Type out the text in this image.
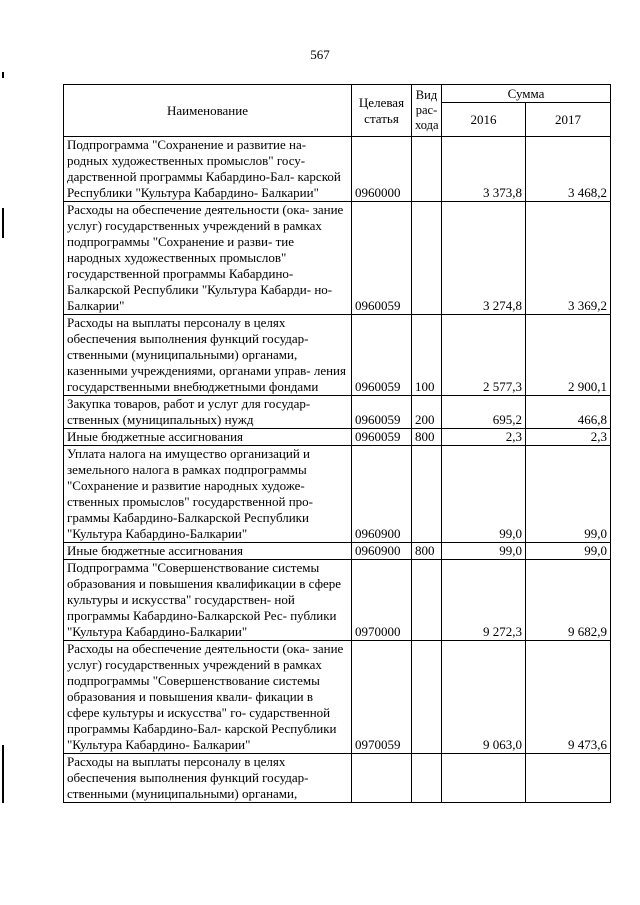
567
Наименование	Целевая статья	Вид рас- хода	Сумма	
			2016	2017
Подпрограмма "Сохранение и развитие на- родных художественных промыслов" госу- дарственной программы Кабардино-Бал- карской Республики "Культура Кабардино- Балкарии"	0960000		3 373,8	3 468,2
Расходы на обеспечение деятельности (ока- зание услуг) государственных учреждений в рамках подпрограммы "Сохранение и разви- тие народных художественных промыслов" государственной программы Кабардино- Балкарской Республики "Культура Кабарди- но-Балкарии"	0960059		3 274,8	3 369,2
Расходы на выплаты персоналу в целях обеспечения выполнения функций государ- ственными (муниципальными) органами, казенными учреждениями, органами управ- ления государственными внебюджетными фондами	0960059	100	2 577,3	2 900,1
Закупка товаров, работ и услуг для государ- ственных (муниципальных) нужд	0960059	200	695,2	466,8
Иные бюджетные ассигнования	0960059	800	2,3	2,3
Уплата налога на имущество организаций и земельного налога в рамках подпрограммы "Сохранение и развитие народных художе- ственных промыслов" государственной про- граммы Кабардино-Балкарской Республики "Культура Кабардино-Балкарии"	0960900		99,0	99,0
Иные бюджетные ассигнования	0960900	800	99,0	99,0
Подпрограмма "Совершенствование системы образования и повышения квалификации в сфере культуры и искусства" государствен- ной программы Кабардино-Балкарской Рес- публики "Культура Кабардино-Балкарии"	0970000		9 272,3	9 682,9
Расходы на обеспечение деятельности (ока- зание услуг) государственных учреждений в рамках подпрограммы "Совершенствование системы образования и повышения квали- фикации в сфере культуры и искусства" го- сударственной программы Кабардино-Бал- карской Республики "Культура Кабардино- Балкарии"	0970059		9 063,0	9 473,6
Расходы на выплаты персоналу в целях обеспечения выполнения функций государ- ственными (муниципальными) органами,				
